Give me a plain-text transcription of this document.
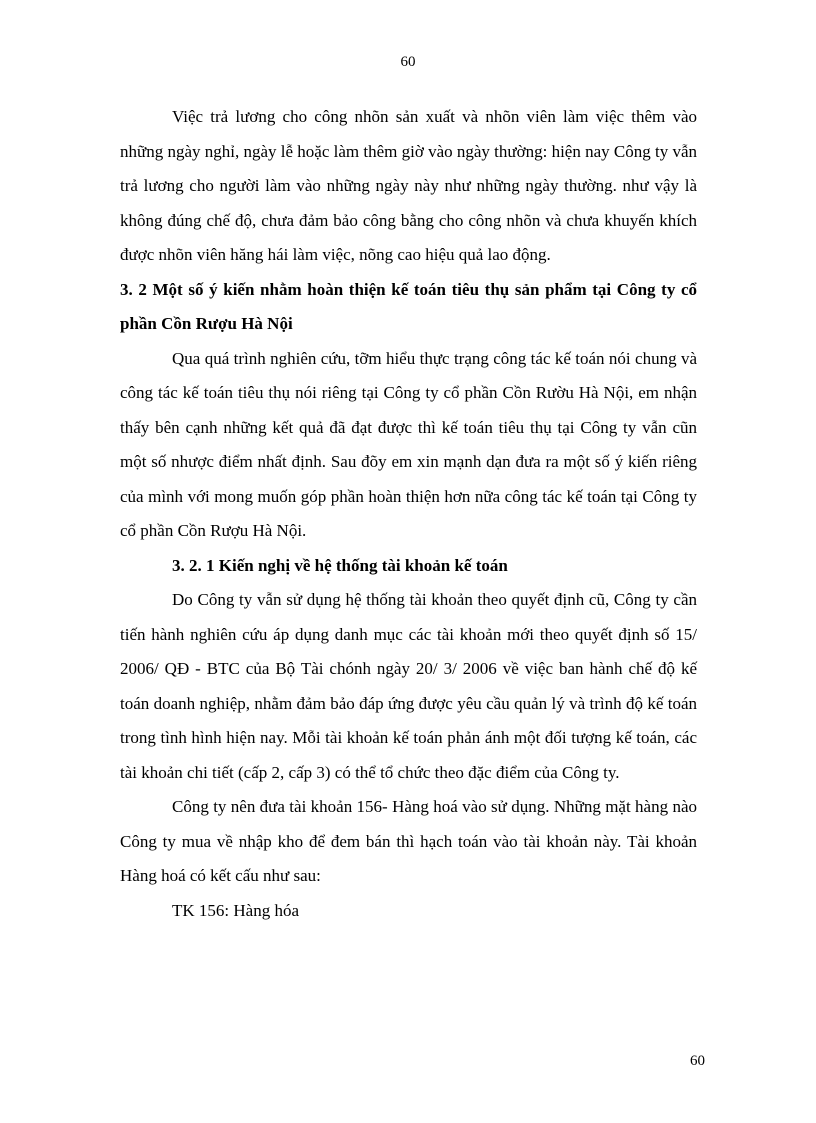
60

Việc trả lương cho công nhõn sản xuất và nhõn viên làm việc thêm vào những ngày nghỉ, ngày lễ hoặc làm thêm giờ vào ngày thường: hiện nay Công ty vẫn trả lương cho người làm vào những ngày này như những ngày thường. như vậy là không đúng chế độ, chưa đảm bảo công bằng cho công nhõn và chưa khuyến khích được nhõn viên hăng hái làm việc, nõng cao hiệu quả lao động.

3. 2 Một số ý kiến nhằm hoàn thiện kế toán tiêu thụ sản phẩm tại Công ty cổ phần Cồn Rượu Hà Nội

Qua quá trình nghiên cứu, tỡm hiểu thực trạng công tác kế toán nói chung và công tác kế toán tiêu thụ nói riêng tại Công ty cổ phần Cồn Rườu Hà Nội, em nhận thấy bên cạnh những kết quả đã đạt được thì kế toán tiêu thụ tại Công ty vẫn cũn một số nhược điểm nhất định. Sau đõy em xin mạnh dạn đưa ra một số ý kiến riêng của mình với mong muốn góp phần hoàn thiện hơn nữa công tác kế toán tại Công ty cổ phần Cồn Rượu Hà Nội.

3. 2. 1 Kiến nghị về hệ thống tài khoản kế toán

Do Công ty vẫn sử dụng hệ thống tài khoản theo quyết định cũ, Công ty cần tiến hành nghiên cứu áp dụng danh mục các tài khoản mới theo quyết định số 15/ 2006/ QĐ - BTC của Bộ Tài chónh ngày 20/ 3/ 2006 về việc ban hành chế độ kế toán doanh nghiệp, nhằm đảm bảo đáp ứng được yêu cầu quản lý và trình độ kế toán trong tình hình hiện nay. Mỗi tài khoản kế toán phản ánh một đối tượng kế toán, các tài khoản chi tiết (cấp 2, cấp 3) có thể tổ chức theo đặc điểm của Công ty.

Công ty nên đưa tài khoản 156- Hàng hoá vào sử dụng. Những mặt hàng nào Công ty mua về nhập kho để đem bán thì hạch toán vào tài khoản này. Tài khoản Hàng hoá có kết cấu như sau:

TK 156: Hàng hóa

60
